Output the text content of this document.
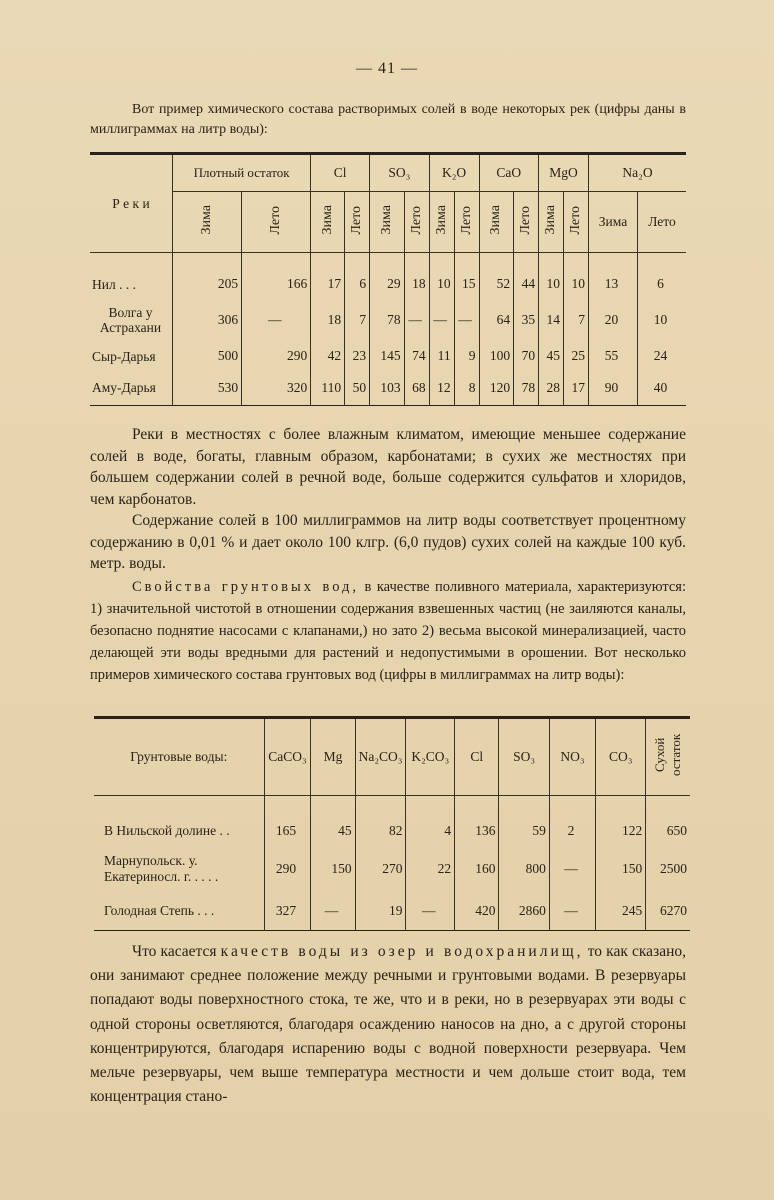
— 41 —
Вот пример химического состава растворимых солей в воде некоторых рек (цифры даны в миллиграммах на литр воды):
Р е к и	Плотный остаток		Cl		SO₃		K₂O		CaO		MgO		Na₂O	
	Зима	Лето	Зима	Лето	Зима	Лето	Зима	Лето	Зима	Лето	Зима	Лето	Зима	Лето

Нил . . .	205	166	17	6	29	18	10	15	52	44	10	10	13	6
Волга у Астрахани	306	—	18	7	78	—	—	—	64	35	14	7	20	10
Сыр-Дарья	500	290	42	23	145	74	11	9	100	70	45	25	55	24
Аму-Дарья	530	320	110	50	103	68	12	8	120	78	28	17	90	40
Реки в местностях с более влажным климатом, имеющие меньшее содержание солей в воде, богаты, главным образом, карбонатами; в сухих же местностях при большем содержании солей в речной воде, больше содержится сульфатов и хлоридов, чем карбонатов.
Содержание солей в 100 миллиграммов на литр воды соответствует процентному содержанию в 0,01 % и дает около 100 клгр. (6,0 пудов) сухих солей на каждые 100 куб. метр. воды.
Свойства грунтовых вод, в качестве поливного материала, характеризуются: 1) значительной чистотой в отношении содержания взвешенных частиц (не заиляются каналы, безопасно поднятие насосами с клапанами,) но зато 2) весьма высокой минерализацией, часто делающей эти воды вредными для растений и недопустимыми в орошении. Вот несколько примеров химического состава грунтовых вод (цифры в миллиграммах на литр воды):
Грунтовые воды:	CaCO₃	Mg	Na₂CO₃	K₂CO₃	Cl	SO₃	NO₃	CO₃	Сухой остаток

В Нильской долине . .	165	45	82	4	136	59	2	122	650
Марнупольск. у. Екатериносл. г. . . . .	290	150	270	22	160	800	—	150	2500
Голодная Степь . . .	327	—	19	—	420	2860	—	245	6270
Что касается качеств воды из озер и водохранилищ, то как сказано, они занимают среднее положение между речными и грунтовыми водами. В резервуары попадают воды поверхностного стока, те же, что и в реки, но в резервуарах эти воды с одной стороны осветляются, благодаря осаждению наносов на дно, а с другой стороны концентрируются, благодаря испарению воды с водной поверхности резервуара. Чем мельче резервуары, чем выше температура местности и чем дольше стоит вода, тем концентрация стано-
